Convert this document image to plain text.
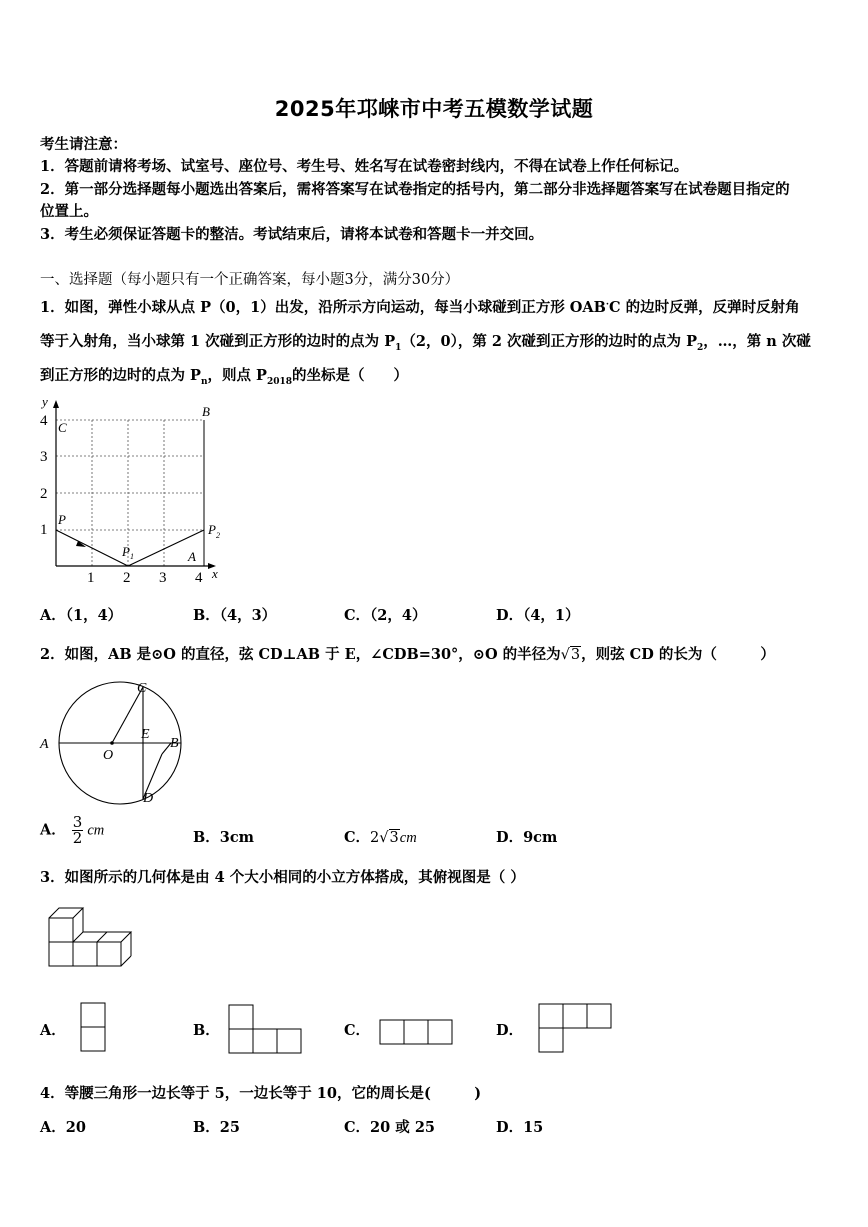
2025年邛崃市中考五模数学试题
考生请注意：
1．答题前请将考场、试室号、座位号、考生号、姓名写在试卷密封线内，不得在试卷上作任何标记。
2．第一部分选择题每小题选出答案后，需将答案写在试卷指定的括号内，第二部分非选择题答案写在试卷题目指定的
位置上。
3．考生必须保证答题卡的整洁。考试结束后，请将本试卷和答题卡一并交回。
一、选择题（每小题只有一个正确答案，每小题3分，满分30分）
1．如图，弹性小球从点 P（0，1）出发，沿所示方向运动，每当小球碰到正方形 OAB·C 的边时反弹，反弹时反射角
等于入射角，当小球第 1 次碰到正方形的边时的点为 $P_1(2$，0），第 2 次碰到正方形的边时的点为 $P_2$，…，第 n 次碰
到正方形的边时的点为 $P_n$，则点 $P_{2018}$的坐标是（　　）
y
x
4
3
2
1
1 2 3 4
C
B
P
$P_1$	A
$P_2$
A．（1，4）	B．（4，3）	C．（2，4）	D．（4，1）
2．如图，AB 是⊙O 的直径，弦 CD⊥AB 于 E，∠CDB=30°，⊙O 的半径为√3，则弦 CD 的长为（　　　）
C
E
A	B
O
D
A． $\frac{3}{2}$ cm	B．3cm	C．2√3cm	D．9cm
3．如图所示的几何体是由 4 个大小相同的小立方体搭成，其俯视图是（ ）
A．	B．	C．	D．
4．等腰三角形一边长等于 5，一边长等于 10，它的周长是(　　　)
A．20	B．25	C．20 或 25	D．15
